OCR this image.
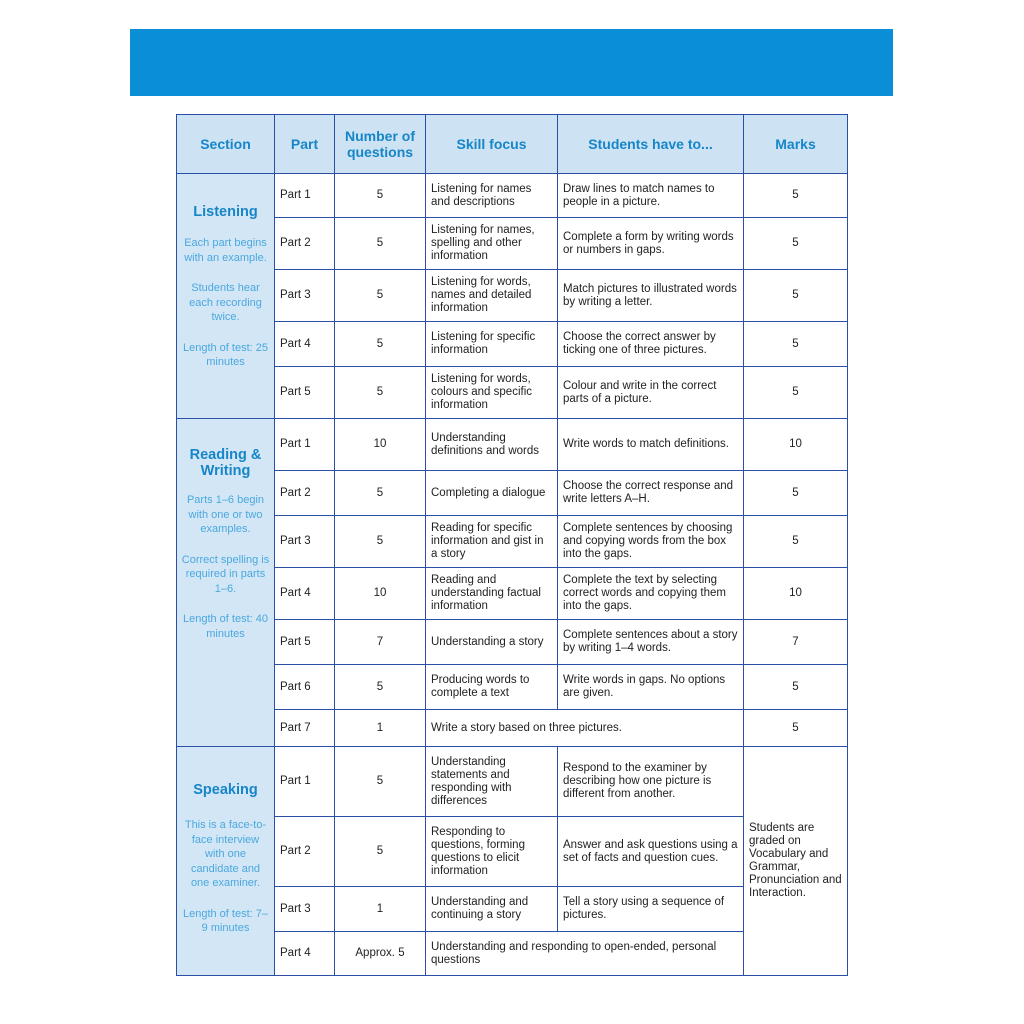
Section	Part	Number of questions	Skill focus	Students have to...	Marks

Listening
Each part begins with an example.
Students hear each recording twice.
Length of test: 25 minutes	Part 1	5	Listening for names and descriptions	Draw lines to match names to people in a picture.	5
	Part 2	5	Listening for names, spelling and other information	Complete a form by writing words or numbers in gaps.	5
	Part 3	5	Listening for words, names and detailed information	Match pictures to illustrated words by writing a letter.	5
	Part 4	5	Listening for specific information	Choose the correct answer by ticking one of three pictures.	5
	Part 5	5	Listening for words, colours and specific information	Colour and write in the correct parts of a picture.	5

Reading & Writing
Parts 1–6 begin with one or two examples.
Correct spelling is required in parts 1–6.
Length of test: 40 minutes	Part 1	10	Understanding definitions and words	Write words to match definitions.	10
	Part 2	5	Completing a dialogue	Choose the correct response and write letters A–H.	5
	Part 3	5	Reading for specific information and gist in a story	Complete sentences by choosing and copying words from the box into the gaps.	5
	Part 4	10	Reading and understanding factual information	Complete the text by selecting correct words and copying them into the gaps.	10
	Part 5	7	Understanding a story	Complete sentences about a story by writing 1–4 words.	7
	Part 6	5	Producing words to complete a text	Write words in gaps. No options are given.	5
	Part 7	1	Write a story based on three pictures.		5

Speaking
This is a face-to-face interview with one candidate and one examiner.
Length of test: 7–9 minutes	Part 1	5	Understanding statements and responding with differences	Respond to the examiner by describing how one picture is different from another.	Students are graded on Vocabulary and Grammar, Pronunciation and Interaction.
	Part 2	5	Responding to questions, forming questions to elicit information	Answer and ask questions using a set of facts and question cues.	
	Part 3	1	Understanding and continuing a story	Tell a story using a sequence of pictures.	
	Part 4	Approx. 5	Understanding and responding to open-ended, personal questions		
